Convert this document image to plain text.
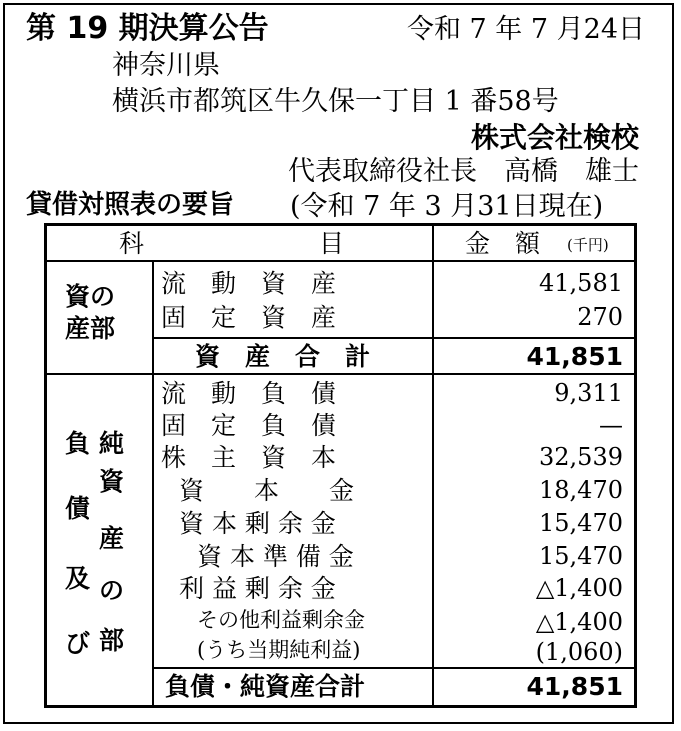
第 19 期決算公告	令和 7 年 7 月24日
神奈川県
横浜市都筑区牛久保一丁目 1 番58号
株式会社検校
代表取締役社長　高橋　雄士
貸借対照表の要旨 (令和 7 年 3 月31日現在)
科　　　　　　　目	金　額 (千円)
資の
産部
流　動　資　産	41,581
固　定　資　産	270
資　産　合　計	41,851
負
債
及
び
純
資
産
の
部
流　動　負　債	9,311
固　定　負　債	—
株　主　資　本	32,539
資　　本　　金	18,470
資 本 剰 余 金	15,470
資 本 準 備 金	15,470
利 益 剰 余 金	△1,400
その他利益剰余金	△1,400
(うち当期純利益)	(1,060)
負債・純資産合計	41,851
